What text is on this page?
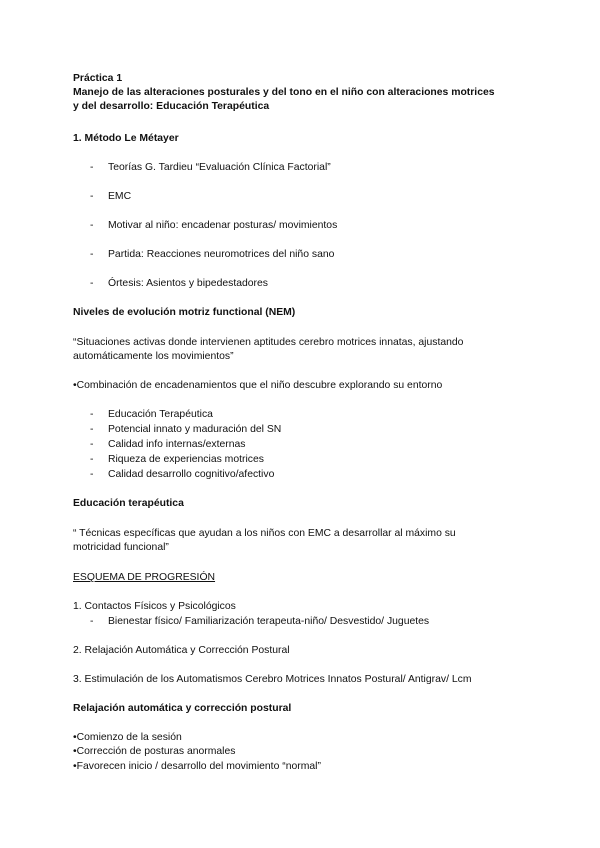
Práctica 1
Manejo de las alteraciones posturales y del tono en el niño con alteraciones motrices
y del desarrollo: Educación Terapéutica
1. Método Le Métayer
- Teorías G. Tardieu “Evaluación Clínica Factorial”
- EMC
- Motivar al niño: encadenar posturas/ movimientos
- Partida: Reacciones neuromotrices del niño sano
- Órtesis: Asientos y bipedestadores
Niveles de evolución motriz functional (NEM)
“Situaciones activas donde intervienen aptitudes cerebro motrices innatas, ajustando
automáticamente los movimientos”
•Combinación de encadenamientos que el niño descubre explorando su entorno
- Educación Terapéutica
- Potencial innato y maduración del SN
- Calidad info internas/externas
- Riqueza de experiencias motrices
- Calidad desarrollo cognitivo/afectivo
Educación terapéutica
“ Técnicas específicas que ayudan a los niños con EMC a desarrollar al máximo su
motricidad funcional”
ESQUEMA DE PROGRESIÓN
1. Contactos Físicos y Psicológicos
- Bienestar físico/ Familiarización terapeuta-niño/ Desvestido/ Juguetes
2. Relajación Automática y Corrección Postural
3. Estimulación de los Automatismos Cerebro Motrices Innatos Postural/ Antigrav/ Lcm
Relajación automática y corrección postural
•Comienzo de la sesión
•Corrección de posturas anormales
•Favorecen inicio / desarrollo del movimiento “normal”
